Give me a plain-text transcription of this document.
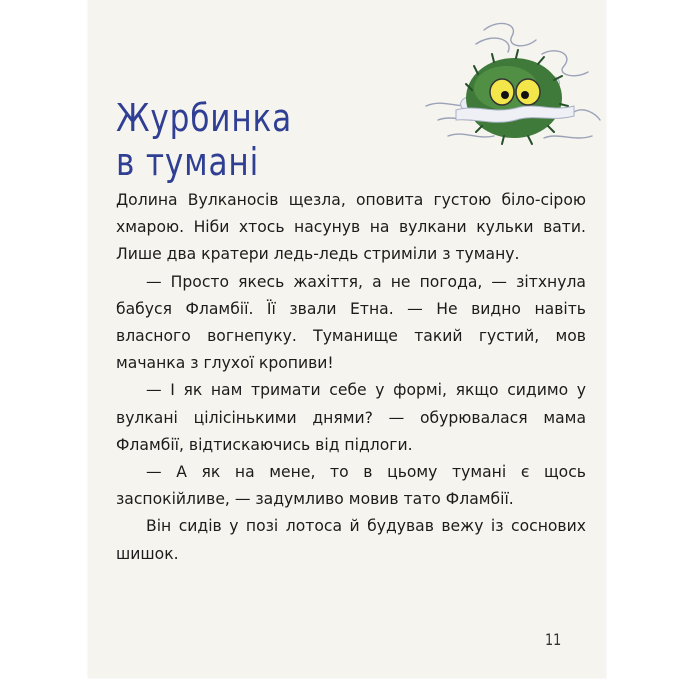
Журбинка
в тумані

Долина Вулканосів щезла, оповита густою біло-сірою хмарою. Ніби хтось насунув на вулкани кульки вати. Лише два кратери ледь-ледь стриміли з туману.

— Просто якесь жахіття, а не погода, — зітхнула бабуся Фламбії. Її звали Етна. — Не видно навіть власного вогнепуку. Туманище такий густий, мов мачанка з глухої кропиви!

— І як нам тримати себе у формі, якщо сидимо у вулкані цілісінькими днями? — обурювалася мама Фламбії, відтискаючись від підлоги.

— А як на мене, то в цьому тумані є щось заспокійливе, — задумливо мовив тато Фламбії.

Він сидів у позі лотоса й будував вежу із соснових шишок.

11
